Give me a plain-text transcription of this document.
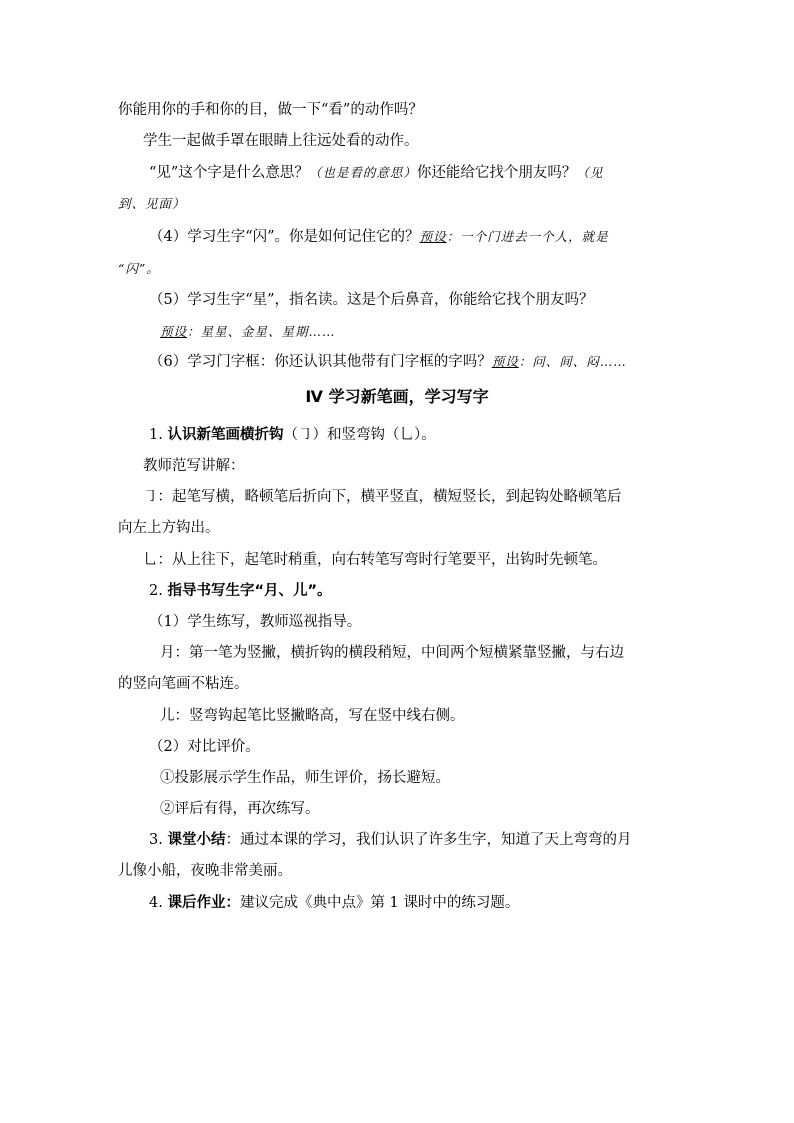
你能用你的手和你的目，做一下“看”的动作吗？
学生一起做手罩在眼睛上往远处看的动作。
“见”这个字是什么意思？（也是看的意思）你还能给它找个朋友吗？（见
到、见面）
（4）学习生字“闪”。你是如何记住它的？预设：一个门进去一个人，就是
“闪”。
（5）学习生字“星”，指名读。这是个后鼻音，你能给它找个朋友吗？
预设：星星、金星、星期……
（6）学习门字框：你还认识其他带有门字框的字吗？预设：问、间、闷……
Ⅳ 学习新笔画，学习写字
1. 认识新笔画横折钩（㇆）和竖弯钩（乚）。
教师范写讲解：
㇆：起笔写横，略顿笔后折向下，横平竖直，横短竖长，到起钩处略顿笔后
向左上方钩出。
乚：从上往下，起笔时稍重，向右转笔写弯时行笔要平，出钩时先顿笔。
2. 指导书写生字“月、儿”。
（1）学生练写，教师巡视指导。
月：第一笔为竖撇，横折钩的横段稍短，中间两个短横紧靠竖撇，与右边
的竖向笔画不粘连。
儿：竖弯钩起笔比竖撇略高，写在竖中线右侧。
（2）对比评价。
①投影展示学生作品，师生评价，扬长避短。
②评后有得，再次练写。
3. 课堂小结：通过本课的学习，我们认识了许多生字，知道了天上弯弯的月
儿像小船，夜晚非常美丽。
4. 课后作业：建议完成《典中点》第 1 课时中的练习题。
